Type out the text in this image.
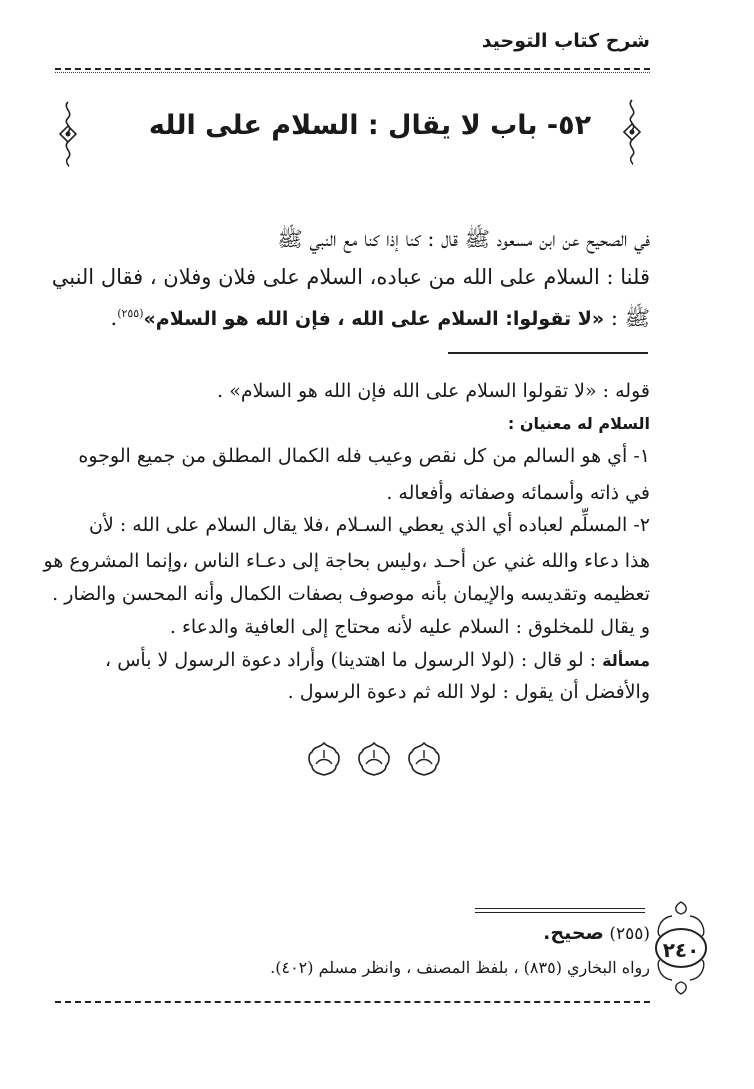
شرح كتاب التوحيد
٥٢- باب لا يقال : السلام على الله
في الصحيح عن ابن مسعود ﷺ قال : كنا إذا كنا مع النبي ﷺ
قلنا : السلام على الله من عباده، السلام على فلان وفلان ، فقال النبي
ﷺ : «لا تقولوا: السلام على الله ، فإن الله هو السلام»$^{(٢٥٥)}$.
قوله : «لا تقولوا السلام على الله فإن الله هو السلام» .
السلام له معنيان :
١- أي هو السالم من كل نقص وعيب فله الكمال المطلق من جميع الوجوه
في ذاته وأسمائه وصفاته وأفعاله .
٢- المسلِّم لعباده أي الذي يعطي السـلام ،فلا يقال السلام على الله : لأن
هذا دعاء والله غني عن أحـد ،وليس بحاجة إلى دعـاء الناس ،وإنما المشروع هو
تعظيمه وتقديسه والإيمان بأنه موصوف بصفات الكمال وأنه المحسن والضار .
و يقال للمخلوق : السلام عليه لأنه محتاج إلى العافية والدعاء .
مسألة : لو قال : (لولا الرسول ما اهتدينا) وأراد دعوة الرسول لا بأس ،
والأفضل أن يقول : لولا الله ثم دعوة الرسول .
(٢٥٥) صحيح.
رواه البخاري (٨٣٥) ، بلفظ المصنف ، وانظر مسلم (٤٠٢).
٢٤٠
